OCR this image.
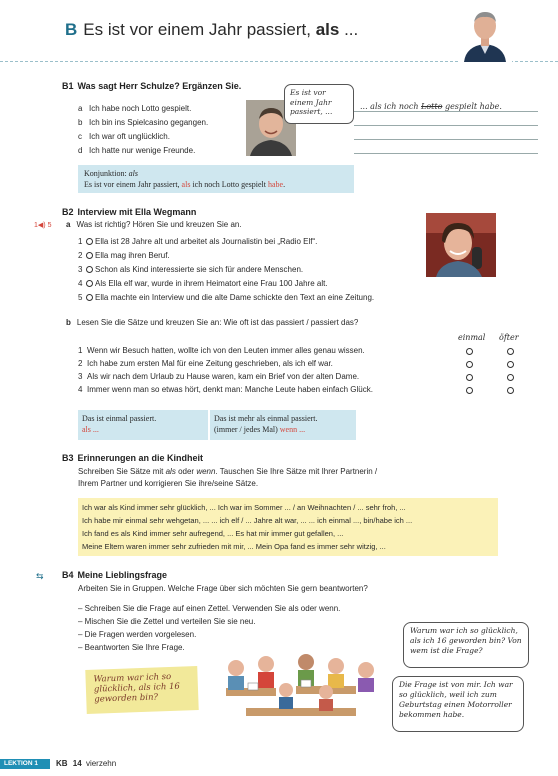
B Es ist vor einem Jahr passiert, als ...
B1 Was sagt Herr Schulze? Ergänzen Sie.
a Ich habe noch Lotto gespielt.
b Ich bin ins Spielcasino gegangen.
c Ich war oft unglücklich.
d Ich hatte nur wenige Freunde.
Es ist vor einem Jahr passiert, ...
... als ich noch Lotto gespielt habe.
Konjunktion: als
Es ist vor einem Jahr passiert, als ich noch Lotto gespielt habe.
B2 Interview mit Ella Wegmann
1◀) 5 a Was ist richtig? Hören Sie und kreuzen Sie an.
1 Ella ist 28 Jahre alt und arbeitet als Journalistin bei „Radio Elf“.
2 Ella mag ihren Beruf.
3 Schon als Kind interessierte sie sich für andere Menschen.
4 Als Ella elf war, wurde in ihrem Heimatort eine Frau 100 Jahre alt.
5 Ella machte ein Interview und die alte Dame schickte den Text an eine Zeitung.
b Lesen Sie die Sätze und kreuzen Sie an: Wie oft ist das passiert / passiert das?
einmal öfter
1 Wenn wir Besuch hatten, wollte ich von den Leuten immer alles genau wissen.
2 Ich habe zum ersten Mal für eine Zeitung geschrieben, als ich elf war.
3 Als wir nach dem Urlaub zu Hause waren, kam ein Brief von der alten Dame.
4 Immer wenn man so etwas hört, denkt man: Manche Leute haben einfach Glück.
Das ist einmal passiert.
als ...
Das ist mehr als einmal passiert.
(immer / jedes Mal) wenn ...
B3 Erinnerungen an die Kindheit
Schreiben Sie Sätze mit als oder wenn. Tauschen Sie Ihre Sätze mit Ihrer Partnerin /
Ihrem Partner und korrigieren Sie ihre/seine Sätze.
Ich war als Kind immer sehr glücklich, ... Ich war im Sommer ... / an Weihnachten / ... sehr froh, ...
Ich habe mir einmal sehr wehgetan, ... ... ich elf / ... Jahre alt war, ... ... ich einmal ..., bin/habe ich ...
Ich fand es als Kind immer sehr aufregend, ... Es hat mir immer gut gefallen, ...
Meine Eltern waren immer sehr zufrieden mit mir, ... Mein Opa fand es immer sehr witzig, ...
⇆ B4 Meine Lieblingsfrage
Arbeiten Sie in Gruppen. Welche Frage über sich möchten Sie gern beantworten?
– Schreiben Sie die Frage auf einen Zettel. Verwenden Sie als oder wenn.
– Mischen Sie die Zettel und verteilen Sie sie neu.
– Die Fragen werden vorgelesen.
– Beantworten Sie Ihre Frage.
Warum war ich so glücklich, als ich 16 geworden bin?
Warum war ich so glücklich, als ich 16 geworden bin? Von wem ist die Frage?
Die Frage ist von mir. Ich war so glücklich, weil ich zum Geburtstag einen Motorroller bekommen habe.
LEKTION 1	KB 14 vierzehn
